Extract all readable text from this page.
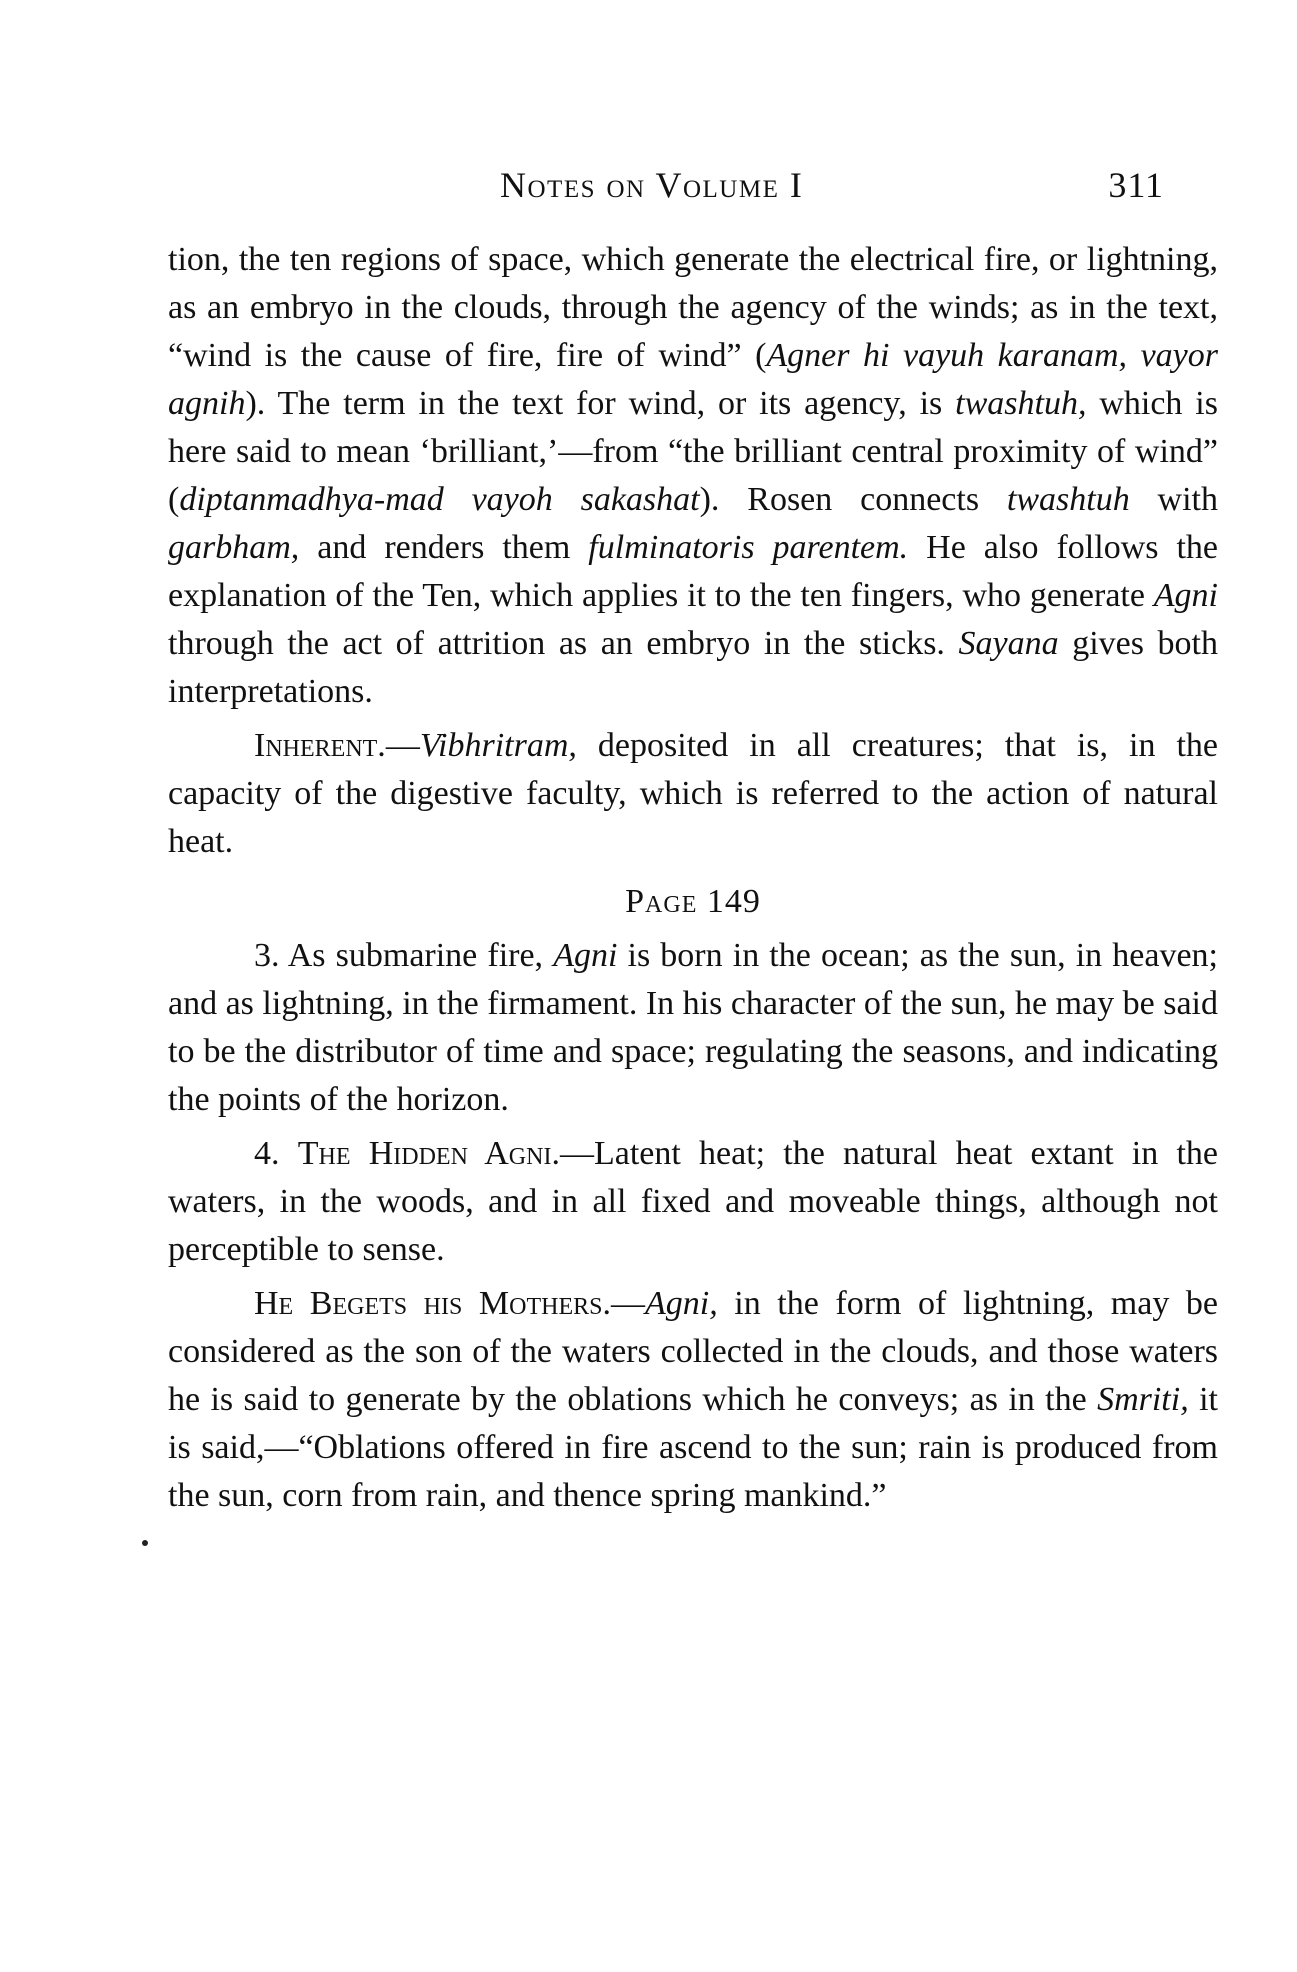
Notes on Volume I	311

tion, the ten regions of space, which generate the electrical fire, or lightning, as an embryo in the clouds, through the agency of the winds; as in the text, “wind is the cause of fire, fire of wind” (Agner hi vayuh karanam, vayor agnih). The term in the text for wind, or its agency, is twashtuh, which is here said to mean ‘brilliant,’—from “the brilliant central proximity of wind” (diptanmadhya-mad vayoh sakashat). Rosen connects twashtuh with garbham, and renders them fulminatoris parentem. He also follows the explanation of the Ten, which applies it to the ten fingers, who generate Agni through the act of attrition as an embryo in the sticks. Sayana gives both interpretations.

Inherent.—Vibhritram, deposited in all creatures; that is, in the capacity of the digestive faculty, which is referred to the action of natural heat.

Page 149

3. As submarine fire, Agni is born in the ocean; as the sun, in heaven; and as lightning, in the firmament. In his character of the sun, he may be said to be the distributor of time and space; regulating the seasons, and indicating the points of the horizon.

4. The Hidden Agni.—Latent heat; the natural heat extant in the waters, in the woods, and in all fixed and moveable things, although not perceptible to sense.

He Begets his Mothers.—Agni, in the form of lightning, may be considered as the son of the waters collected in the clouds, and those waters he is said to generate by the oblations which he conveys; as in the Smriti, it is said,—“Oblations offered in fire ascend to the sun; rain is produced from the sun, corn from rain, and thence spring mankind.”
